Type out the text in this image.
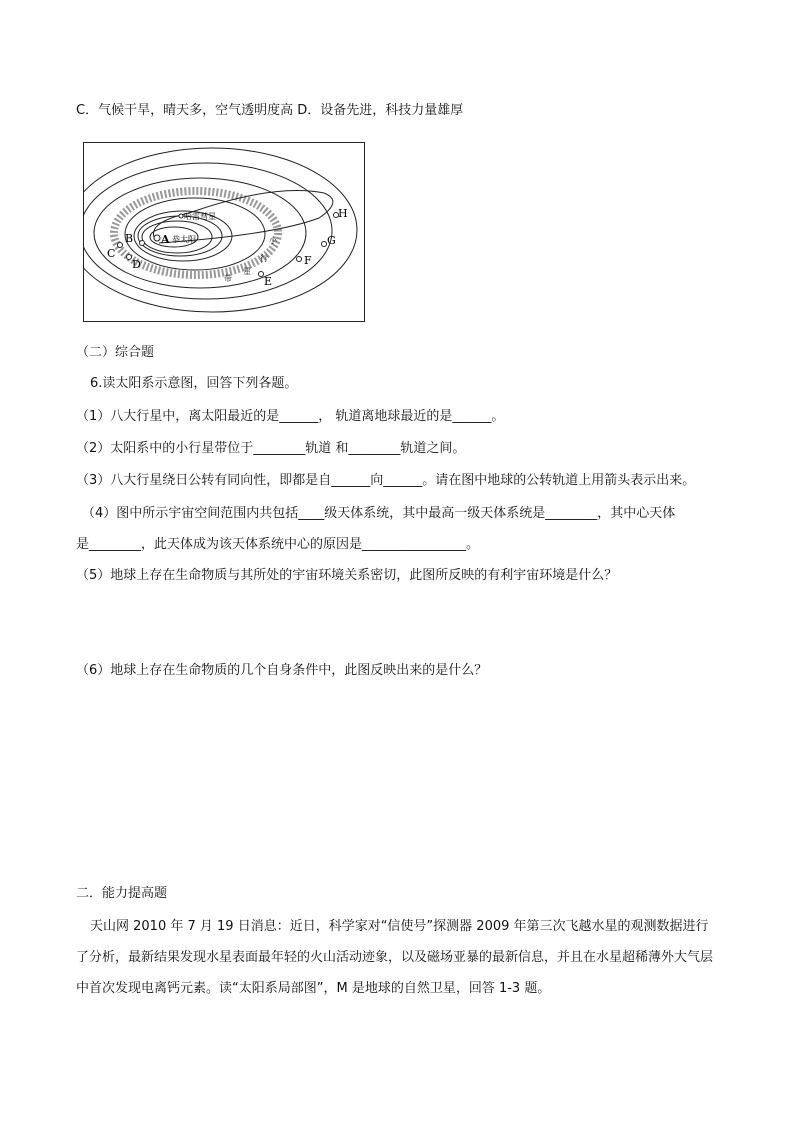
C．气候干旱，晴天多，空气透明度高 D．设备先进，科技力量雄厚
A 恭太阳
哈雷彗星
B
C
D
E
F
G
H
小
行
星
带
（二）综合题
6.读太阳系示意图，回答下列各题。
（1）八大行星中，离太阳最近的是______， 轨道离地球最近的是______。
（2）太阳系中的小行星带位于________轨道 和________轨道之间。
（3）八大行星绕日公转有同向性，即都是自______向______。请在图中地球的公转轨道上用箭头表示出来。
（4）图中所示宇宙空间范围内共包括____级天体系统，其中最高一级天体系统是________，其中心天体
是________，此天体成为该天体系统中心的原因是________________。
（5）地球上存在生命物质与其所处的宇宙环境关系密切，此图所反映的有利宇宙环境是什么？
（6）地球上存在生命物质的几个自身条件中，此图反映出来的是什么？
二．能力提高题
天山网 2010 年 7 月 19 日消息：近日，科学家对“信使号”探测器 2009 年第三次飞越水星的观测数据进行了分析，最新结果发现水星表面最年轻的火山活动迹象，以及磁场亚暴的最新信息，并且在水星超稀薄外大气层中首次发现电离钙元素。读“太阳系局部图”，M 是地球的自然卫星，回答 1-3 题。
